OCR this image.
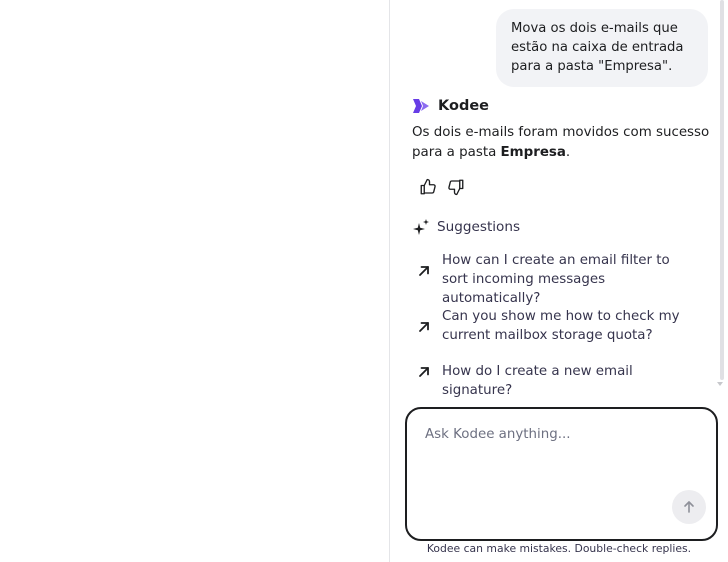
Mova os dois e-mails que estão na caixa de entrada para a pasta "Empresa".
Kodee
Os dois e-mails foram movidos com sucesso para a pasta Empresa.
Suggestions
How can I create an email filter to sort incoming messages automatically?
Can you show me how to check my current mailbox storage quota?
How do I create a new email signature?
Ask Kodee anything...
Kodee can make mistakes. Double-check replies.
